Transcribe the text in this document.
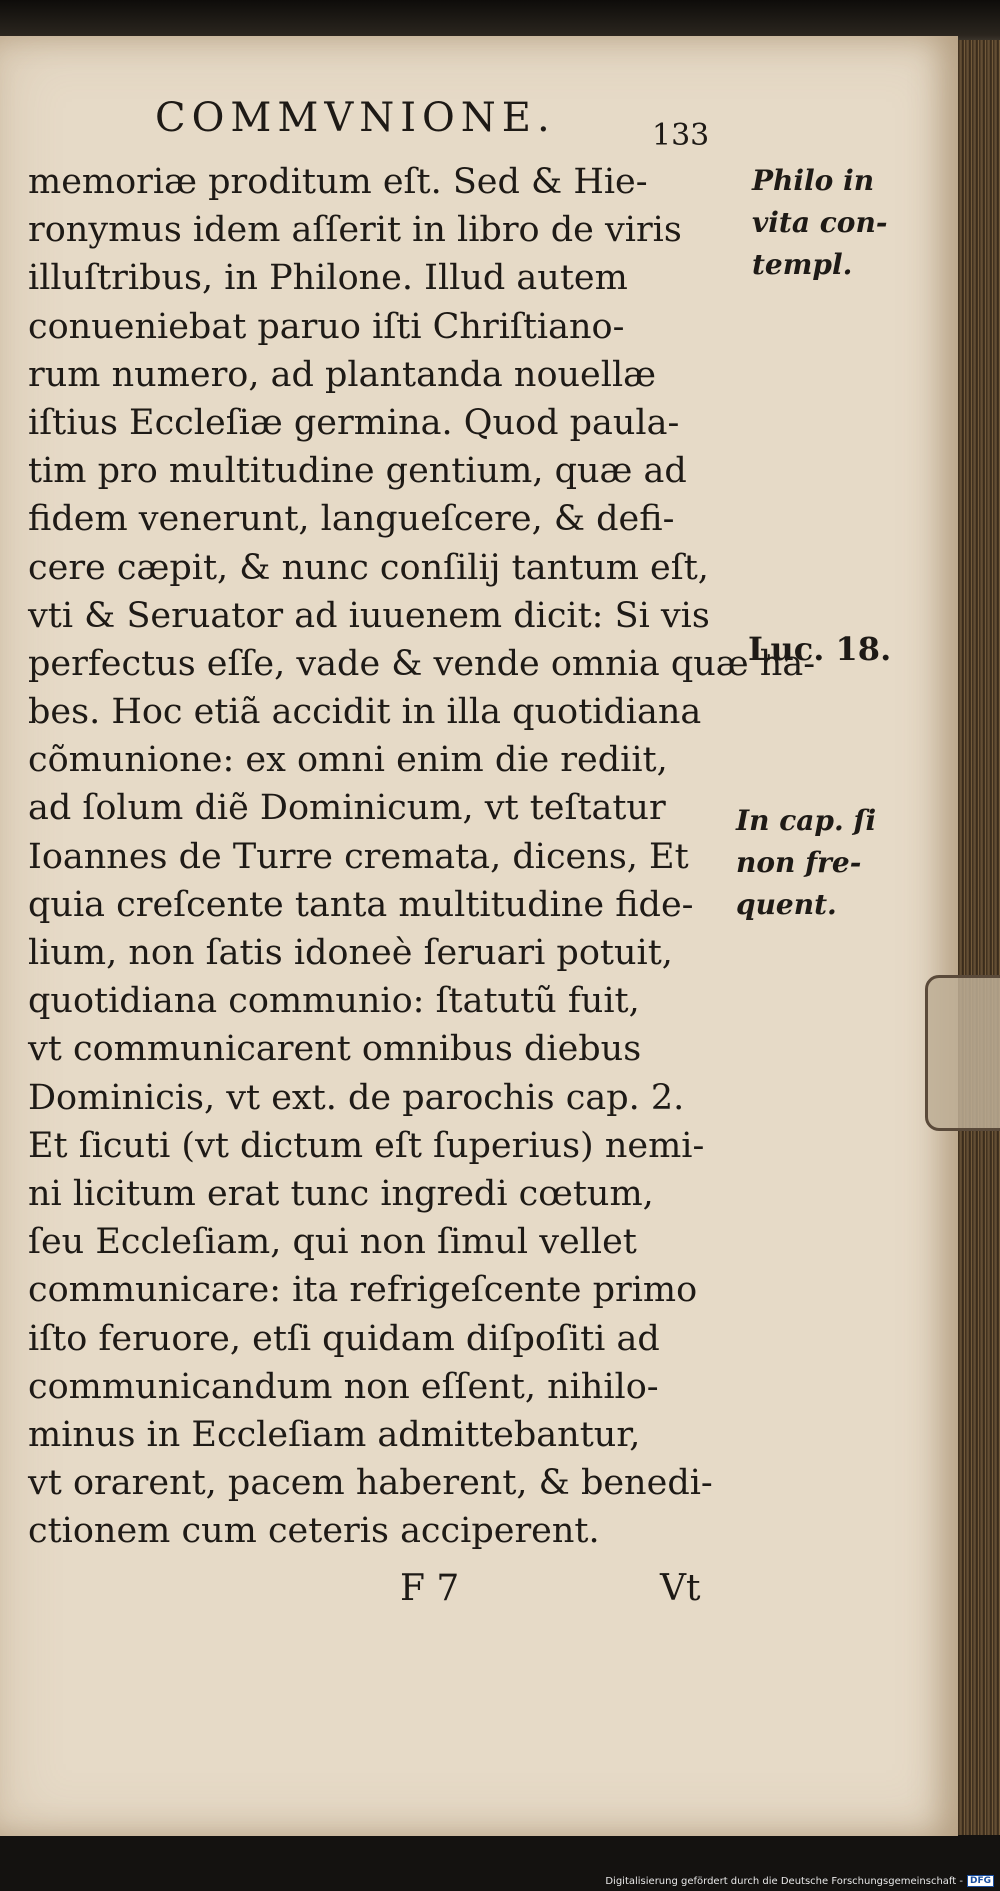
COMMVNIONE.	133
memoriæ proditum eſt. Sed & Hie-
ronymus idem aſſerit in libro de viris
illuſtribus, in Philone. Illud autem
conueniebat paruo iſti Chriſtiano-
rum numero, ad plantanda nouellæ
iſtius Eccleſiæ germina. Quod paula-
tim pro multitudine gentium, quæ ad
fidem venerunt, langueſcere, & defi-
cere cæpit, & nunc conſilij tantum eſt,
vti & Seruator ad iuuenem dicit: Si vis
perfectus eſſe, vade & vende omnia quæ ha-
bes. Hoc etiã accidit in illa quotidiana
cõmunione: ex omni enim die rediit,
ad ſolum diẽ Dominicum, vt teſtatur
Ioannes de Turre cremata, dicens, Et
quia creſcente tanta multitudine fide-
lium, non ſatis idoneè ſeruari potuit,
quotidiana communio: ſtatutũ fuit,
vt communicarent omnibus diebus
Dominicis, vt ext. de parochis cap. 2.
Et ſicuti (vt dictum eſt ſuperius) nemi-
ni licitum erat tunc ingredi cœtum,
ſeu Eccleſiam, qui non ſimul vellet
communicare: ita refrigeſcente primo
iſto feruore, etſi quidam diſpoſiti ad
communicandum non eſſent, nihilo-
minus in Eccleſiam admittebantur,
vt orarent, pacem haberent, & benedi-
ctionem cum ceteris acciperent.
Philo in
vita con-
templ.
Luc. 18.
In cap. ſi
non fre-
quent.
F 7	Vt
Digitalisierung gefördert durch die Deutsche Forschungsgemeinschaft - DFG
